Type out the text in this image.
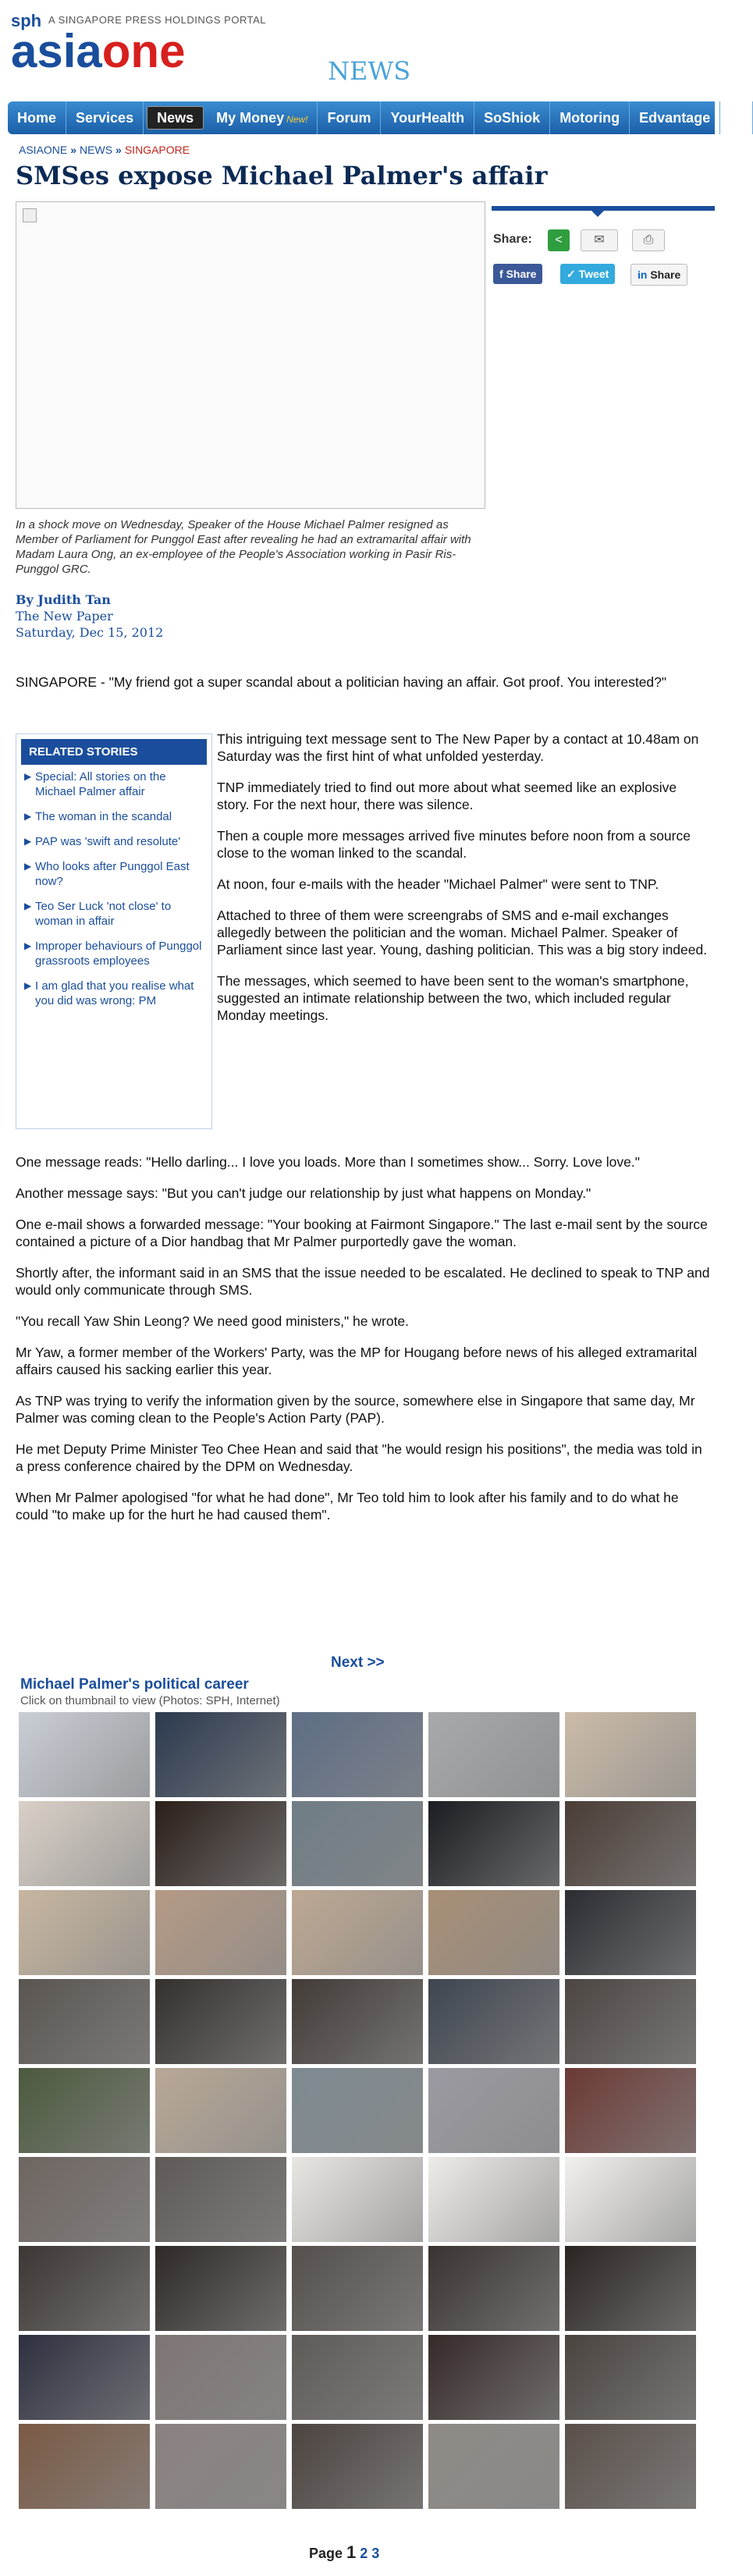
sph A SINGAPORE PRESS HOLDINGS PORTAL
asiaone	NEWS
Home	Services	News	My Money New!	Forum	YourHealth	SoShiok	Motoring	Edvantage	Pl
ASIAONE » NEWS » SINGAPORE
SMSes expose Michael Palmer's affair
In a shock move on Wednesday, Speaker of the House Michael Palmer resigned as Member of Parliament for Punggol East after revealing he had an extramarital affair with Madam Laura Ong, an ex-employee of the People's Association working in Pasir Ris-Punggol GRC.
By Judith Tan
The New Paper
Saturday, Dec 15, 2012
Share:	<	✉	⎙
f Share	✓ Tweet	in Share
SINGAPORE - "My friend got a super scandal about a politician having an affair. Got proof. You interested?"
RELATED STORIES
▶ Special: All stories on the Michael Palmer affair
▶ The woman in the scandal
▶ PAP was 'swift and resolute'
▶ Who looks after Punggol East now?
▶ Teo Ser Luck 'not close' to woman in affair
▶ Improper behaviours of Punggol grassroots employees
▶ I am glad that you realise what you did was wrong: PM

This intriguing text message sent to The New Paper by a contact at 10.48am on Saturday was the first hint of what unfolded yesterday.

TNP immediately tried to find out more about what seemed like an explosive story. For the next hour, there was silence.

Then a couple more messages arrived five minutes before noon from a source close to the woman linked to the scandal.

At noon, four e-mails with the header "Michael Palmer" were sent to TNP.

Attached to three of them were screengrabs of SMS and e-mail exchanges allegedly between the politician and the woman. Michael Palmer. Speaker of Parliament since last year. Young, dashing politician. This was a big story indeed.

The messages, which seemed to have been sent to the woman's smartphone, suggested an intimate relationship between the two, which included regular Monday meetings.

One message reads: "Hello darling... I love you loads. More than I sometimes show... Sorry. Love love."

Another message says: "But you can't judge our relationship by just what happens on Monday."

One e-mail shows a forwarded message: "Your booking at Fairmont Singapore." The last e-mail sent by the source contained a picture of a Dior handbag that Mr Palmer purportedly gave the woman.

Shortly after, the informant said in an SMS that the issue needed to be escalated. He declined to speak to TNP and would only communicate through SMS.

"You recall Yaw Shin Leong? We need good ministers," he wrote.

Mr Yaw, a former member of the Workers' Party, was the MP for Hougang before news of his alleged extramarital affairs caused his sacking earlier this year.

As TNP was trying to verify the information given by the source, somewhere else in Singapore that same day, Mr Palmer was coming clean to the People's Action Party (PAP).

He met Deputy Prime Minister Teo Chee Hean and said that "he would resign his positions", the media was told in a press conference chaired by the DPM on Wednesday.

When Mr Palmer apologised "for what he had done", Mr Teo told him to look after his family and to do what he could "to make up for the hurt he had caused them".

Next >>
Michael Palmer's political career
Click on thumbnail to view (Photos: SPH, Internet)
Page 1 2 3
